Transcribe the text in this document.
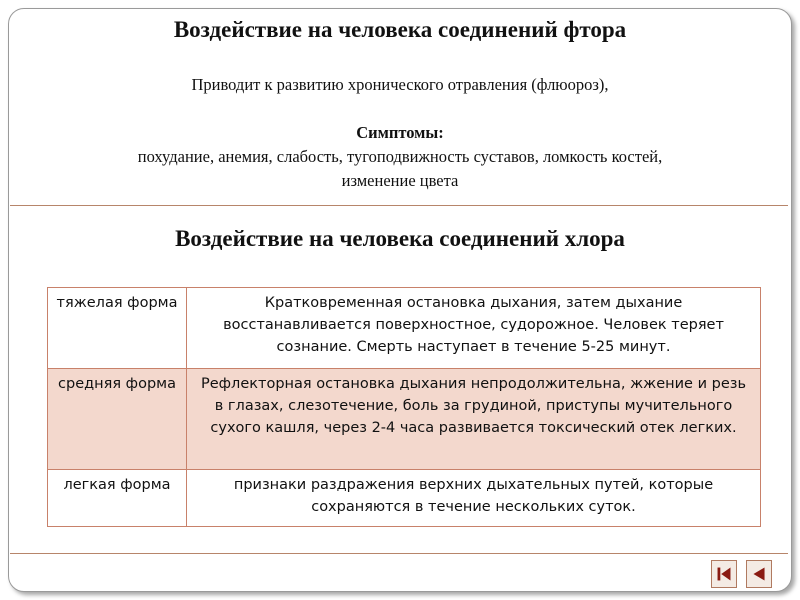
Воздействие на человека соединений фтора
Приводит к развитию хронического отравления (флюороз),
Симптомы:
похудание, анемия, слабость, тугоподвижность суставов, ломкость костей, изменение цвета
Воздействие на человека соединений хлора
тяжелая форма	Кратковременная остановка дыхания, затем дыхание восстанавливается поверхностное, судорожное. Человек теряет сознание. Смерть наступает в течение 5-25 минут.
средняя форма	Рефлекторная остановка дыхания непродолжительна, жжение и резь в глазах, слезотечение, боль за грудиной, приступы мучительного сухого кашля, через 2-4 часа развивается токсический отек легких.
легкая форма	признаки раздражения верхних дыхательных путей, которые сохраняются в течение нескольких суток.
